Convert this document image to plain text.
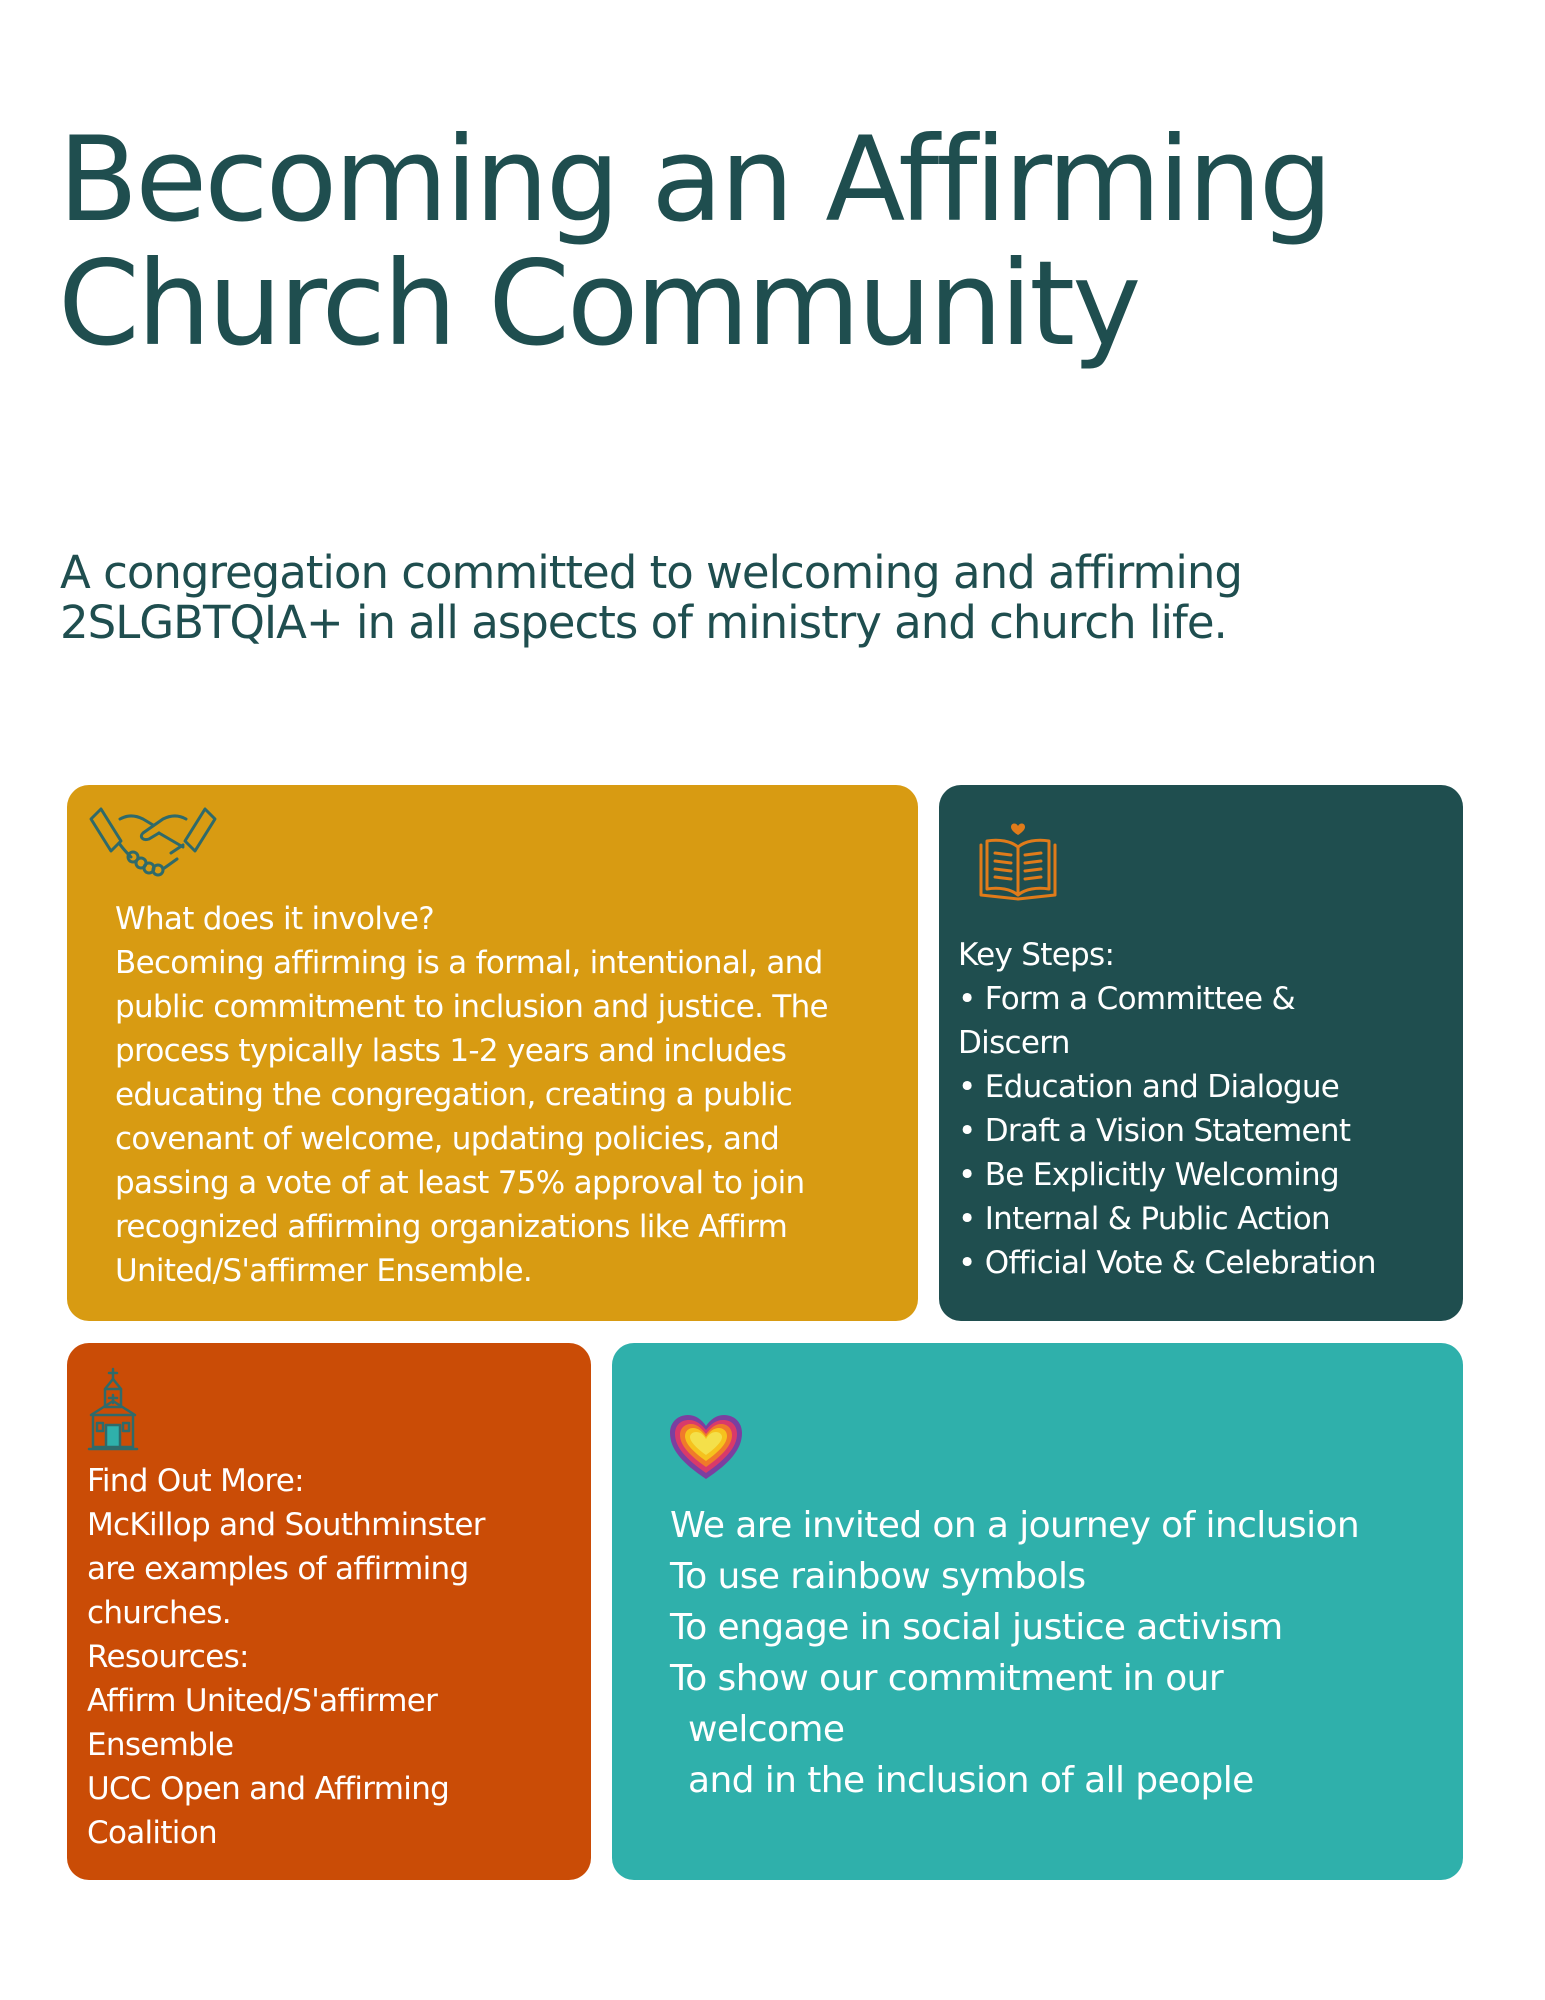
Becoming an Affirming
Church Community

A congregation committed to welcoming and affirming
2SLGBTQIA+ in all aspects of ministry and church life.

What does it involve?
Becoming affirming is a formal, intentional, and
public commitment to inclusion and justice. The
process typically lasts 1-2 years and includes
educating the congregation, creating a public
covenant of welcome, updating policies, and
passing a vote of at least 75% approval to join
recognized affirming organizations like Affirm
United/S'affirmer Ensemble.
Key Steps:
• Form a Committee &
Discern
• Education and Dialogue
• Draft a Vision Statement
• Be Explicitly Welcoming
• Internal & Public Action
• Official Vote & Celebration
Find Out More:
McKillop and Southminster
are examples of affirming
churches.
Resources:
Affirm United/S'affirmer
Ensemble
UCC Open and Affirming
Coalition
We are invited on a journey of inclusion
To use rainbow symbols
To engage in social justice activism
To show our commitment in our
welcome
and in the inclusion of all people
